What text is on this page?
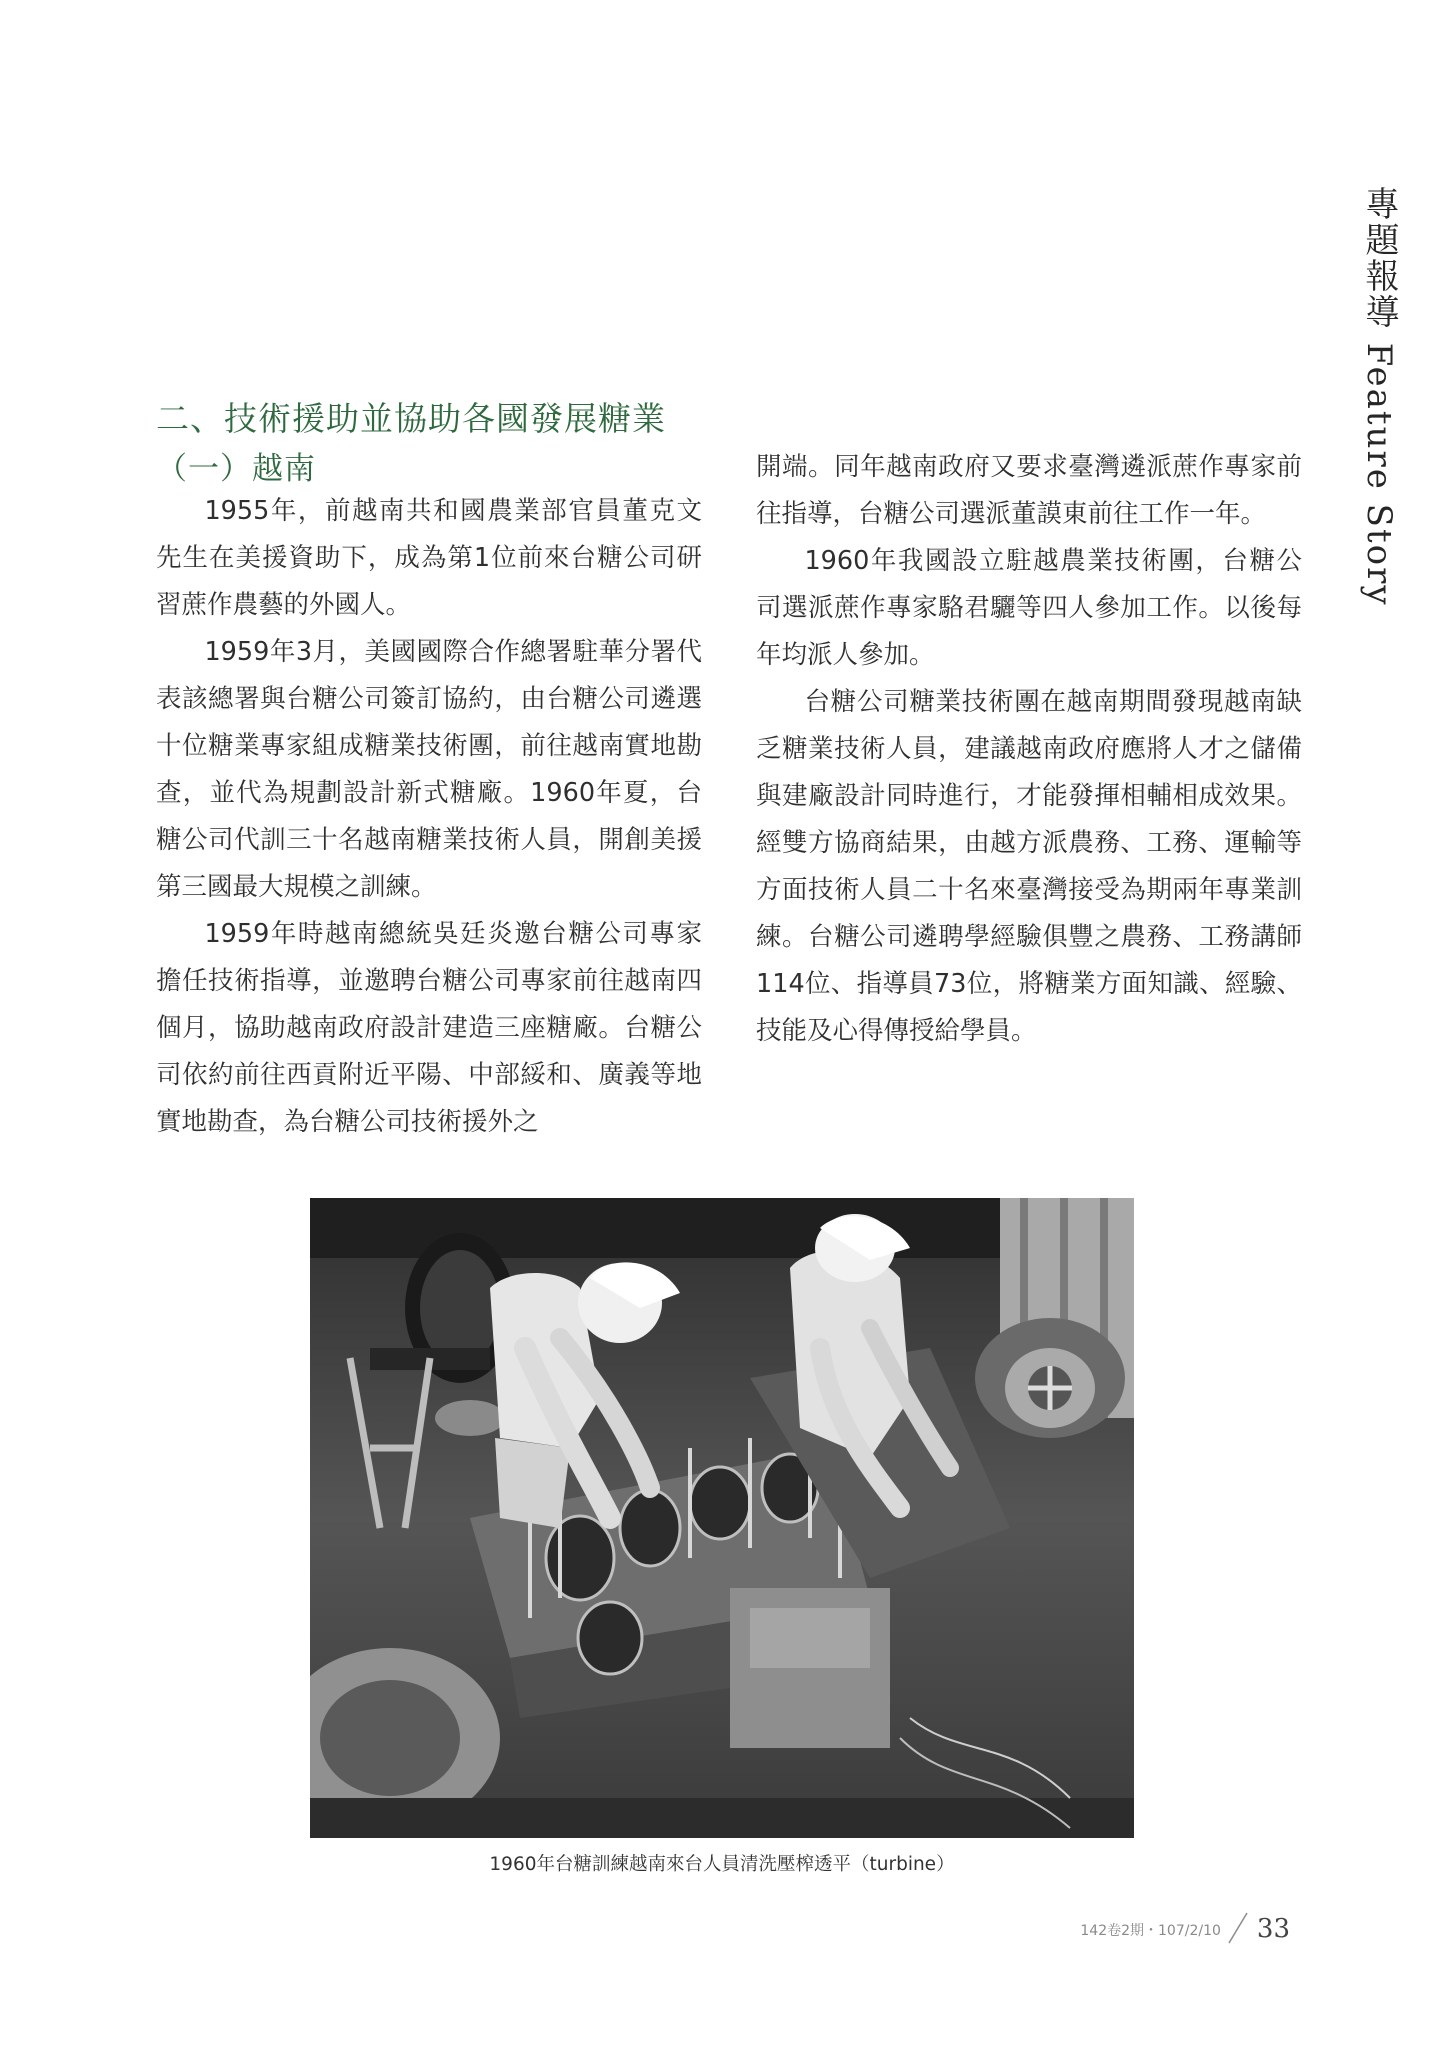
專題報導 Feature Story
二、技術援助並協助各國發展糖業
（一）越南

1955年，前越南共和國農業部官員董克文先生在美援資助下，成為第1位前來台糖公司研習蔗作農藝的外國人。

1959年3月，美國國際合作總署駐華分署代表該總署與台糖公司簽訂協約，由台糖公司遴選十位糖業專家組成糖業技術團，前往越南實地勘查，並代為規劃設計新式糖廠。1960年夏，台糖公司代訓三十名越南糖業技術人員，開創美援第三國最大規模之訓練。

1959年時越南總統吳廷炎邀台糖公司專家擔任技術指導，並邀聘台糖公司專家前往越南四個月，協助越南政府設計建造三座糖廠。台糖公司依約前往西貢附近平陽、中部綏和、廣義等地實地勘查，為台糖公司技術援外之

開端。同年越南政府又要求臺灣遴派蔗作專家前往指導，台糖公司選派董謨東前往工作一年。

1960年我國設立駐越農業技術團，台糖公司選派蔗作專家駱君驪等四人參加工作。以後每年均派人參加。

台糖公司糖業技術團在越南期間發現越南缺乏糖業技術人員，建議越南政府應將人才之儲備與建廠設計同時進行，才能發揮相輔相成效果。經雙方協商結果，由越方派農務、工務、運輸等方面技術人員二十名來臺灣接受為期兩年專業訓練。台糖公司遴聘學經驗俱豐之農務、工務講師114位、指導員73位，將糖業方面知識、經驗、技能及心得傳授給學員。

1960年台糖訓練越南來台人員清洗壓榨透平（turbine）
142卷2期・107/2/10 33
